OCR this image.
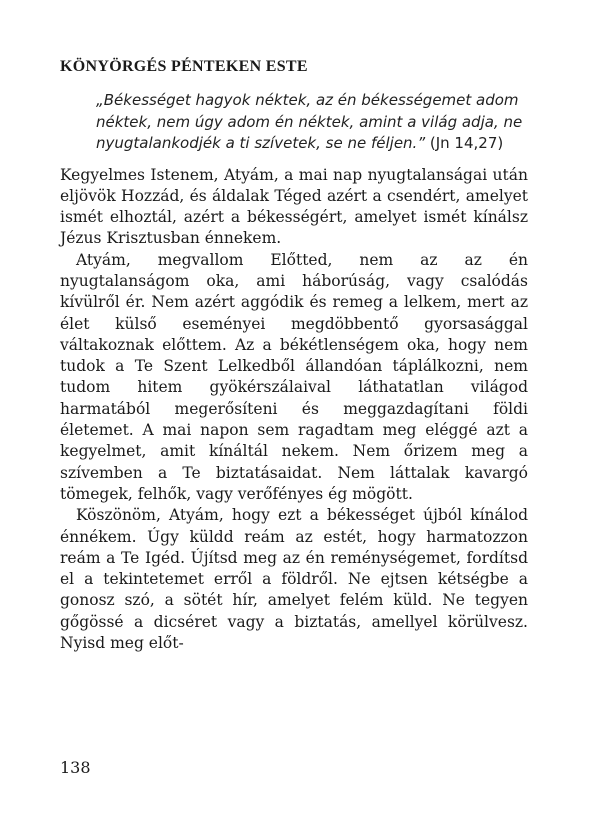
KÖNYÖRGÉS PÉNTEKEN ESTE
„Békességet hagyok néktek, az én békességemet adom néktek, nem úgy adom én néktek, amint a világ adja, ne nyugtalankodjék a ti szívetek, se ne féljen.” (Jn 14,27)

Kegyelmes Istenem, Atyám, a mai nap nyugtalanságai után eljövök Hozzád, és áldalak Téged azért a csendért, amelyet ismét elhoztál, azért a békességért, amelyet ismét kínálsz Jézus Krisztusban énnekem.

Atyám, megvallom Előtted, nem az az én nyugtalanságom oka, ami háborúság, vagy csalódás kívülről ér. Nem azért aggódik és remeg a lelkem, mert az élet külső eseményei megdöbbentő gyorsasággal váltakoznak előttem. Az a békétlenségem oka, hogy nem tudok a Te Szent Lelkedből állandóan táplálkozni, nem tudom hitem gyökérszálaival láthatatlan világod harmatából megerősíteni és meggazdagítani földi életemet. A mai napon sem ragadtam meg eléggé azt a kegyelmet, amit kínáltál nekem. Nem őrizem meg a szívemben a Te biztatásaidat. Nem láttalak kavargó tömegek, felhők, vagy verőfényes ég mögött.

Köszönöm, Atyám, hogy ezt a békességet újból kínálod énnékem. Úgy küldd reám az estét, hogy harmatozzon reám a Te Igéd. Újítsd meg az én reménységemet, fordítsd el a tekintetemet erről a földről. Ne ejtsen kétségbe a gonosz szó, a sötét hír, amelyet felém küld. Ne tegyen gőgössé a dicséret vagy a biztatás, amellyel körülvesz. Nyisd meg előt-

138
